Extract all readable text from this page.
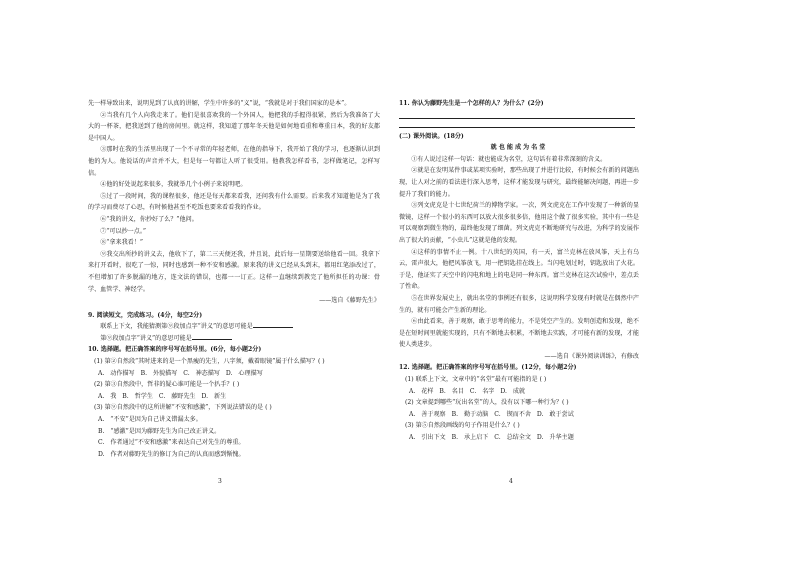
先一样导致出来，说明见到了认真的讲解，学生中许多的“义”说，“我就是对于我们国家的是本”。

②当我有几个人向我走来了。他们是很喜欢我的一个外国人，他把我的手握得很紧，然后为我准备了大大的一杯茶，把我送到了他的房间里。就这样，我知道了那年冬天他是如何地看重和尊重日本，我的好友都是中国人。

③那时在我的生活里出现了一个不寻常的年轻老师，在他的指导下，我开始了我的学习，也逐渐认识到他的为人。他说话的声音并不大，但是每一句都让人听了很受用。他教我怎样看书，怎样做笔记，怎样写信。

④他的好处说起来很多，我就举几个小例子来说明吧。

⑤过了一段时间，我的课程很多，他还是每天都来看我，还问我有什么需要。后来我才知道他是为了我的学习而费尽了心思，有时候他甚至不吃饭也要来看看我的作业。

⑥“我的讲义，你抄好了么？”他问。

⑦“可以抄一点。”

⑧“拿来我看！”

⑨我交出所抄的讲义去，他收下了，第二三天便还我，并且说，此后每一星期要送给他看一回。我拿下来打开看时，很吃了一惊，同时也感到一种不安和感激。原来我的讲义已经从头到末，都用红笔添改过了，不但增加了许多脱漏的地方，连文法的错误，也都一一订正。这样一直继续到教完了他所担任的功课：骨学、血管学、神经学。

——选自《藤野先生》

9. 阅读短文，完成练习。(4分，每空2分)

联系上下文，我能猜测第⑨段加点字“讲义”的意思可能是

第⑨段加点字“讲义”的意思可能是

10. 选择题。把正确答案的序号写在括号里。(6分，每小题2分)

(1) 第②自然段“其时进来的是一个黑瘦的先生，八字须，戴着眼镜”属于什么描写？( )

A. 动作描写 B. 外貌描写 C. 神态描写 D. 心理描写

(2) 第③自然段中，哲非的疑心谁可能是一个扒手？( )

A. 我 B. 哲学生 C. 藤野先生 D. 新生

(3) 第⑨自然段中的这所讲解“不安和感激”，下列说法错误的是 ( )

A. “不安”是因为自己讲义错漏太多。

B. “感激”是因为藤野先生为自己改正讲义。

C. 作者通过“不安和感激”来表达自己对先生的尊重。

D. 作者对藤野先生的修订为自己的认真而感到惭愧。

3

11. 你认为藤野先生是一个怎样的人？为什么？(2分)

(二) 课外阅读。(18分)

就也能成为名堂

①有人说过这样一句话：就也能成为名堂，这句话有着非常深刻的含义。

②就是在发明某件事或某项实验时，那些出现了并进行比较，有时候会有新的问题出现，让人对之前的看法进行深入思考，这样才能发现与研究，最终能解决问题，再进一步提升了我们的能力。

③列文虎克是十七世纪荷兰的博物学家。一次，列文虎克在工作中发现了一种新的显微镜，这样一个很小的东西可以放大很多很多倍，他用这个做了很多实验，其中有一些是可以观察到微生物的，最终他发现了细菌。列文虎克不断地研究与改进，为科学的发展作出了很大的贡献，“小虫儿”这就是他的发现。

④这样的事情不止一例。十八世纪的英国，有一天，富兰克林在放风筝，天上有乌云，雷声很大，他把风筝放飞，用一把钥匙挂在线上。当闪电划过时，钥匙放出了火花。于是，他证实了天空中的闪电和地上的电是同一种东西。富兰克林在这次试验中，差点丢了性命。

⑤在世界发展史上，就出名堂的事例还有很多，这说明科学发现有时就是在偶然中产生的，就有可能会产生新的理论。

⑥由此看来，善于观察，敢于思考的能力，不是凭空产生的。发明创造和发现，绝不是在短时间里就能实现的，只有不断地去积累，不断地去实践，才可能有新的发现，才能使人类进步。

——选自《课外阅读训练》，有修改

12. 选择题。把正确答案的序号写在括号里。(12分，每小题2分)

(1) 联系上下文，文章中的“名堂”最有可能指的是 ( )

A. 花样 B. 名目 C. 名字 D. 成就

(2) 文章提到哪些“玩出名堂”的人，没有以下哪一种行为？( )

A. 善于观察 B. 勤于动脑 C. 锲而不舍 D. 敢于尝试

(3) 第⑤自然段画线的句子作用是什么？( )

A. 引出下文 B. 承上启下 C. 总结全文 D. 升华主题

4
